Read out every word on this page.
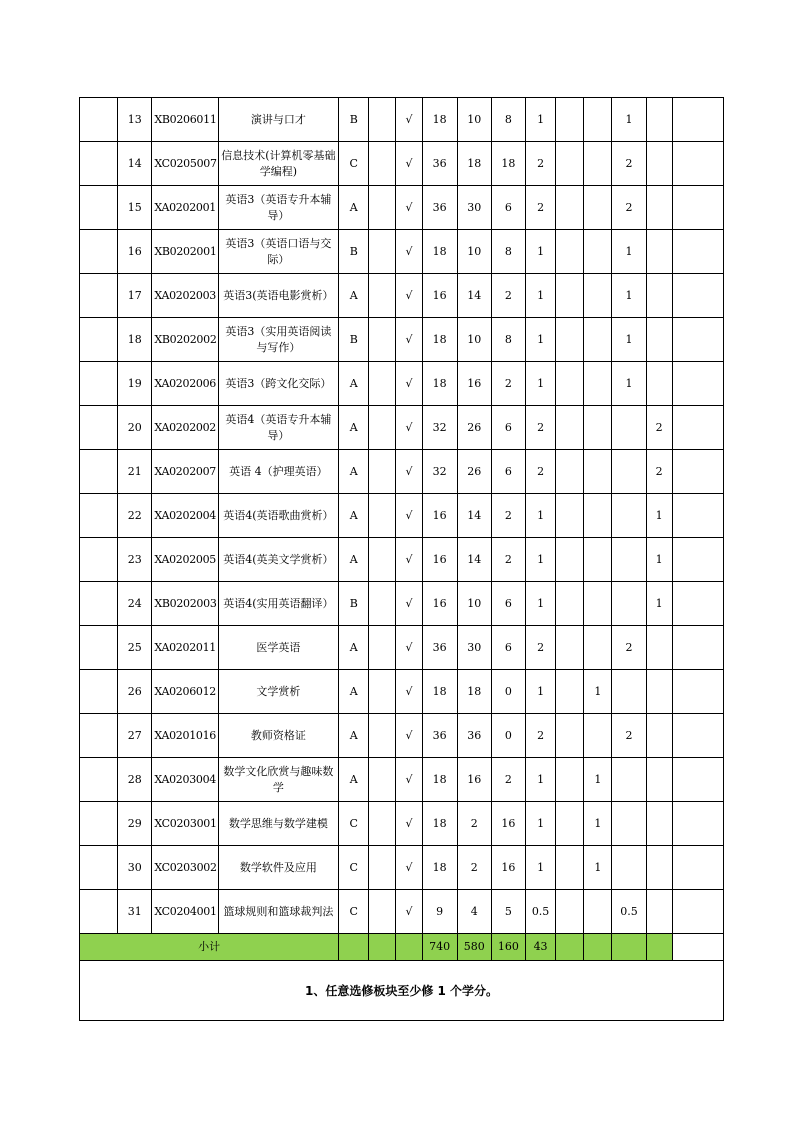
	13	XB0206011	演讲与口才	B		√	18	10	8	1			1		
	14	XC0205007	信息技术(计算机零基础学编程)	C		√	36	18	18	2			2		
	15	XA0202001	英语3（英语专升本辅导）	A		√	36	30	6	2			2		
	16	XB0202001	英语3（英语口语与交际）	B		√	18	10	8	1			1		
	17	XA0202003	英语3(英语电影赏析）	A		√	16	14	2	1			1		
	18	XB0202002	英语3（实用英语阅读与写作）	B		√	18	10	8	1			1		
	19	XA0202006	英语3（跨文化交际）	A		√	18	16	2	1			1		
	20	XA0202002	英语4（英语专升本辅导）	A		√	32	26	6	2				2	
	21	XA0202007	英语 4（护理英语）	A		√	32	26	6	2				2	
	22	XA0202004	英语4(英语歌曲赏析）	A		√	16	14	2	1				1	
	23	XA0202005	英语4(英美文学赏析）	A		√	16	14	2	1				1	
	24	XB0202003	英语4(实用英语翻译）	B		√	16	10	6	1				1	
	25	XA0202011	医学英语	A		√	36	30	6	2			2		
	26	XA0206012	文学赏析	A		√	18	18	0	1		1			
	27	XA0201016	教师资格证	A		√	36	36	0	2			2		
	28	XA0203004	数学文化欣赏与趣味数学	A		√	18	16	2	1		1			
	29	XC0203001	数学思维与数学建模	C		√	18	2	16	1		1			
	30	XC0203002	数学软件及应用	C		√	18	2	16	1		1			
	31	XC0204001	篮球规则和篮球裁判法	C		√	9	4	5	0.5			0.5		
小计							740	580	160	43					
1、任意选修板块至少修 1 个学分。															
